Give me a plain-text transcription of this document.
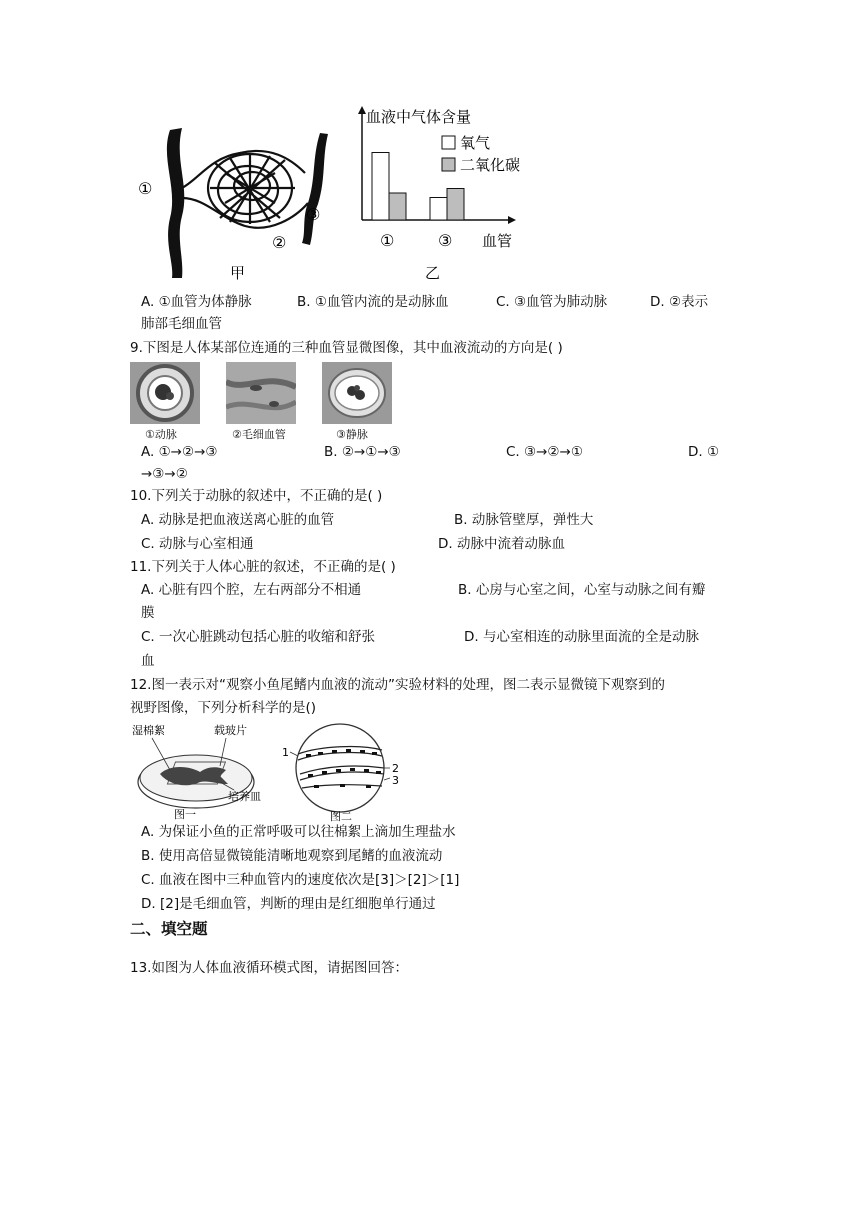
①
②
③
甲
血液中气体含量
氧气
二氧化碳
①	③ 血管
乙
A. ①血管为体静脉	B. ①血管内流的是动脉血	C. ③血管为肺动脉	D. ②表示
肺部毛细血管
9.下图是人体某部位连通的三种血管显微图像，其中血液流动的方向是( )
①动脉	②毛细血管	③静脉
A. ①→②→③	B. ②→①→③	C. ③→②→①	D. ①
→③→②
10.下列关于动脉的叙述中，不正确的是( )
A. 动脉是把血液送离心脏的血管	B. 动脉管壁厚，弹性大
C. 动脉与心室相通	D. 动脉中流着动脉血
11.下列关于人体心脏的叙述，不正确的是( )
A. 心脏有四个腔，左右两部分不相通	B. 心房与心室之间，心室与动脉之间有瓣
膜
C. 一次心脏跳动包括心脏的收缩和舒张	D. 与心室相连的动脉里面流的全是动脉
血
12.图一表示对“观察小鱼尾鳍内血液的流动”实验材料的处理，图二表示显微镜下观察到的
视野图像，下列分析科学的是()
湿棉絮	载玻片
培养皿
图一
1
2
3
图二
A. 为保证小鱼的正常呼吸可以往棉絮上滴加生理盐水
B. 使用高倍显微镜能清晰地观察到尾鳍的血液流动
C. 血液在图中三种血管内的速度依次是[3]＞[2]＞[1]
D. [2]是毛细血管，判断的理由是红细胞单行通过
二、填空题
13.如图为人体血液循环模式图，请据图回答：
